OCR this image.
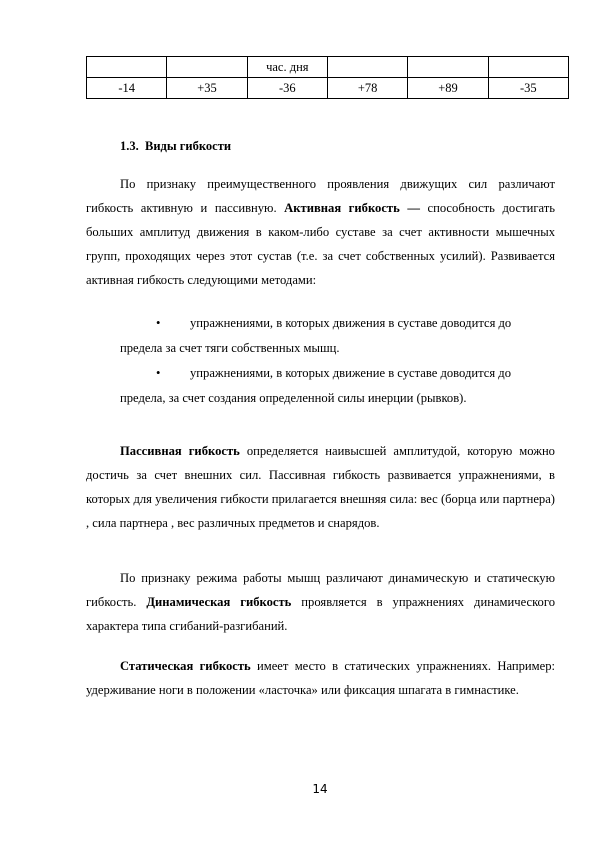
		час. дня			
-14	+35	-36	+78	+89	-35
1.3. Виды гибкости

По признаку преимущественного проявления движущих сил различают гибкость активную и пассивную. Активная гибкость — способность достигать больших амплитуд движения в каком-либо суставе за счет активности мышечных групп, проходящих через этот сустав (т.е. за счет собственных усилий). Развивается активная гибкость следующими методами:

•	упражнениями, в которых движения в суставе доводится до
предела за счет тяги собственных мышц.
•	упражнениями, в которых движение в суставе доводится до
предела, за счет создания определенной силы инерции (рывков).

Пассивная гибкость определяется наивысшей амплитудой, которую можно достичь за счет внешних сил. Пассивная гибкость развивается упражнениями, в которых для увеличения гибкости прилагается внешняя сила: вес (борца или партнера) , сила партнера , вес различных предметов и снарядов.

По признаку режима работы мышц различают динамическую и статическую гибкость. Динамическая гибкость проявляется в упражнениях динамического характера типа сгибаний-разгибаний.

Статическая гибкость имеет место в статических упражнениях. Например: удерживание ноги в положении «ласточка» или фиксация шпагата в гимнастике.

14
